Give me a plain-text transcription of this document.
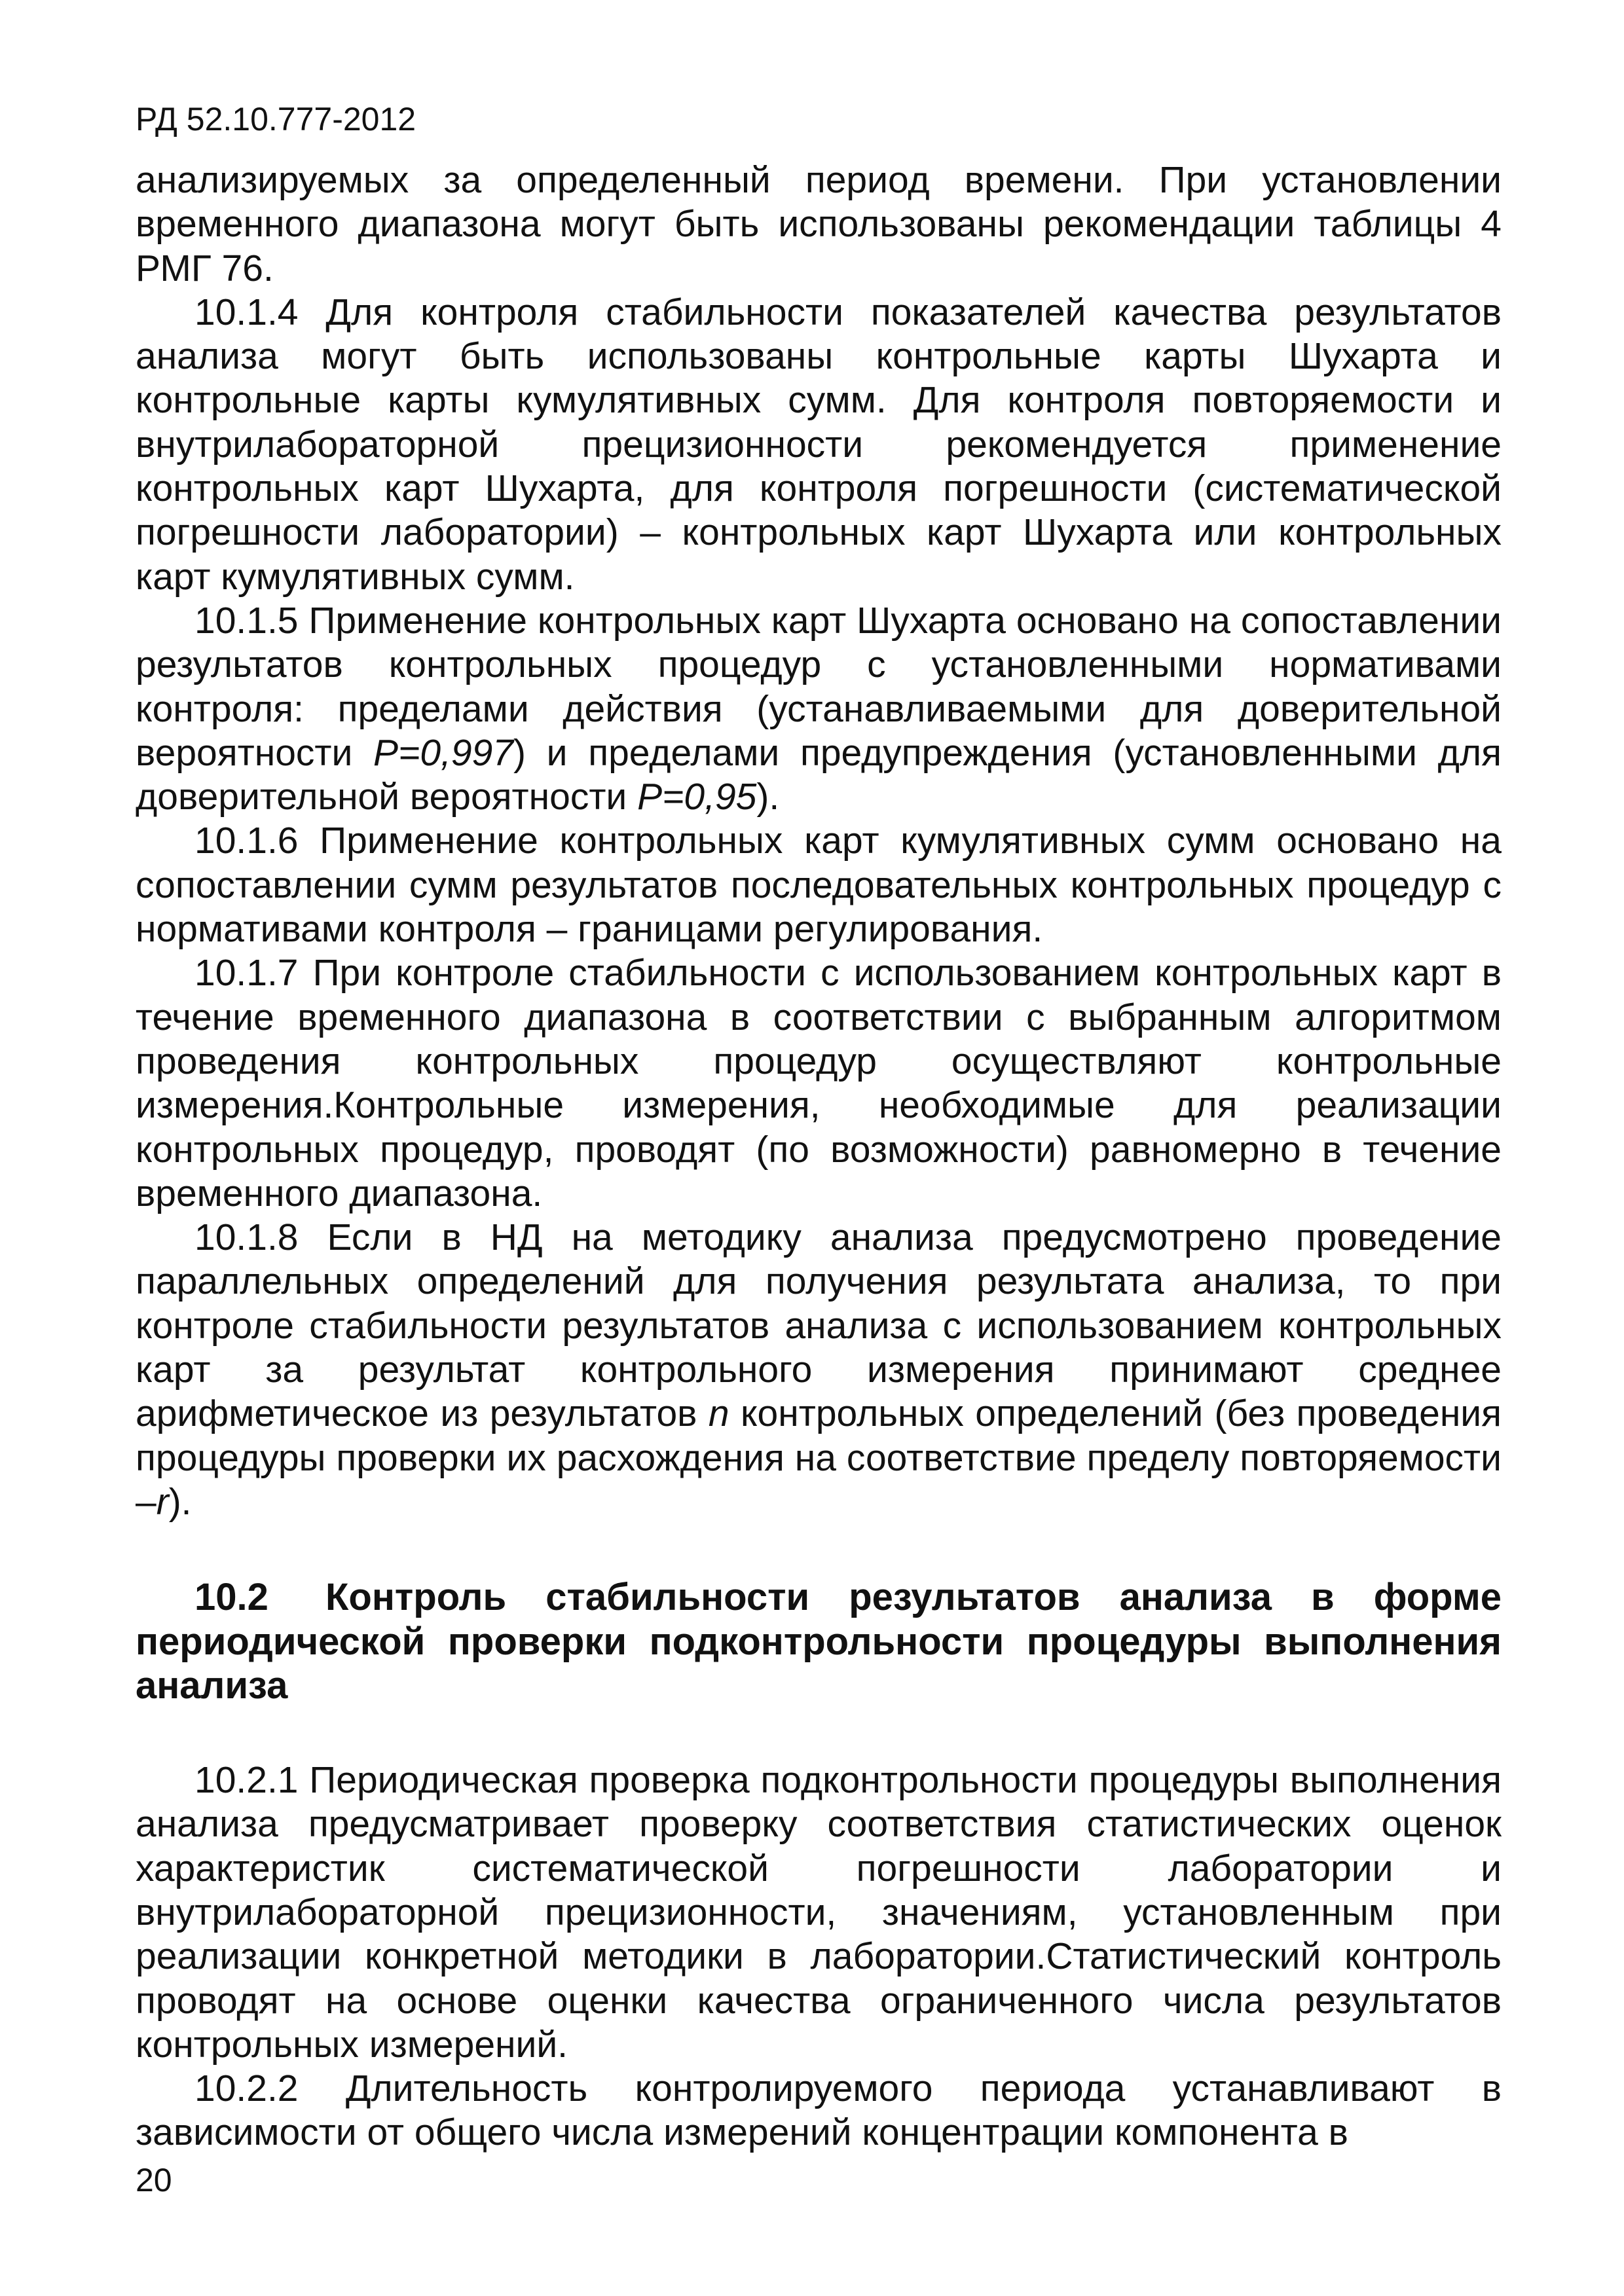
РД 52.10.777-2012

анализируемых за определенный период времени. При установлении временного диапазона могут быть использованы рекомендации таблицы 4 РМГ 76.

10.1.4 Для контроля стабильности показателей качества результатов анализа могут быть использованы контрольные карты Шухарта и контрольные карты кумулятивных сумм. Для контроля повторяемости и внутрилабораторной прецизионности рекомендуется применение контрольных карт Шухарта, для контроля погрешности (систематической погрешности лаборатории) – контрольных карт Шухарта или контрольных карт кумулятивных сумм.

10.1.5 Применение контрольных карт Шухарта основано на сопоставлении результатов контрольных процедур с установленными нормативами контроля: пределами действия (устанавливаемыми для доверительной вероятности Р=0,997) и пределами предупреждения (установленными для доверительной вероятности Р=0,95).

10.1.6 Применение контрольных карт кумулятивных сумм основано на сопоставлении сумм результатов последовательных контрольных процедур с нормативами контроля – границами регулирования.

10.1.7 При контроле стабильности с использованием контрольных карт в течение временного диапазона в соответствии с выбранным алгоритмом проведения контрольных процедур осуществляют контрольные измерения.Контрольные измерения, необходимые для реализации контрольных процедур, проводят (по возможности) равномерно в течение временного диапазона.

10.1.8 Если в НД на методику анализа предусмотрено проведение параллельных определений для получения результата анализа, то при контроле стабильности результатов анализа с использованием контрольных карт за результат контрольного измерения принимают среднее арифметическое из результатов n контрольных определений (без проведения процедуры проверки их расхождения на соответствие пределу повторяемости –r).

10.2 Контроль стабильности результатов анализа в форме периодической проверки подконтрольности процедуры выполнения анализа

10.2.1 Периодическая проверка подконтрольности процедуры выполнения анализа предусматривает проверку соответствия статистических оценок характеристик систематической погрешности лаборатории и внутрилабораторной прецизионности, значениям, установленным при реализации конкретной методики в лаборатории.Статистический контроль проводят на основе оценки качества ограниченного числа результатов контрольных измерений.

10.2.2 Длительность контролируемого периода устанавливают в зависимости от общего числа измерений концентрации компонента в

20
